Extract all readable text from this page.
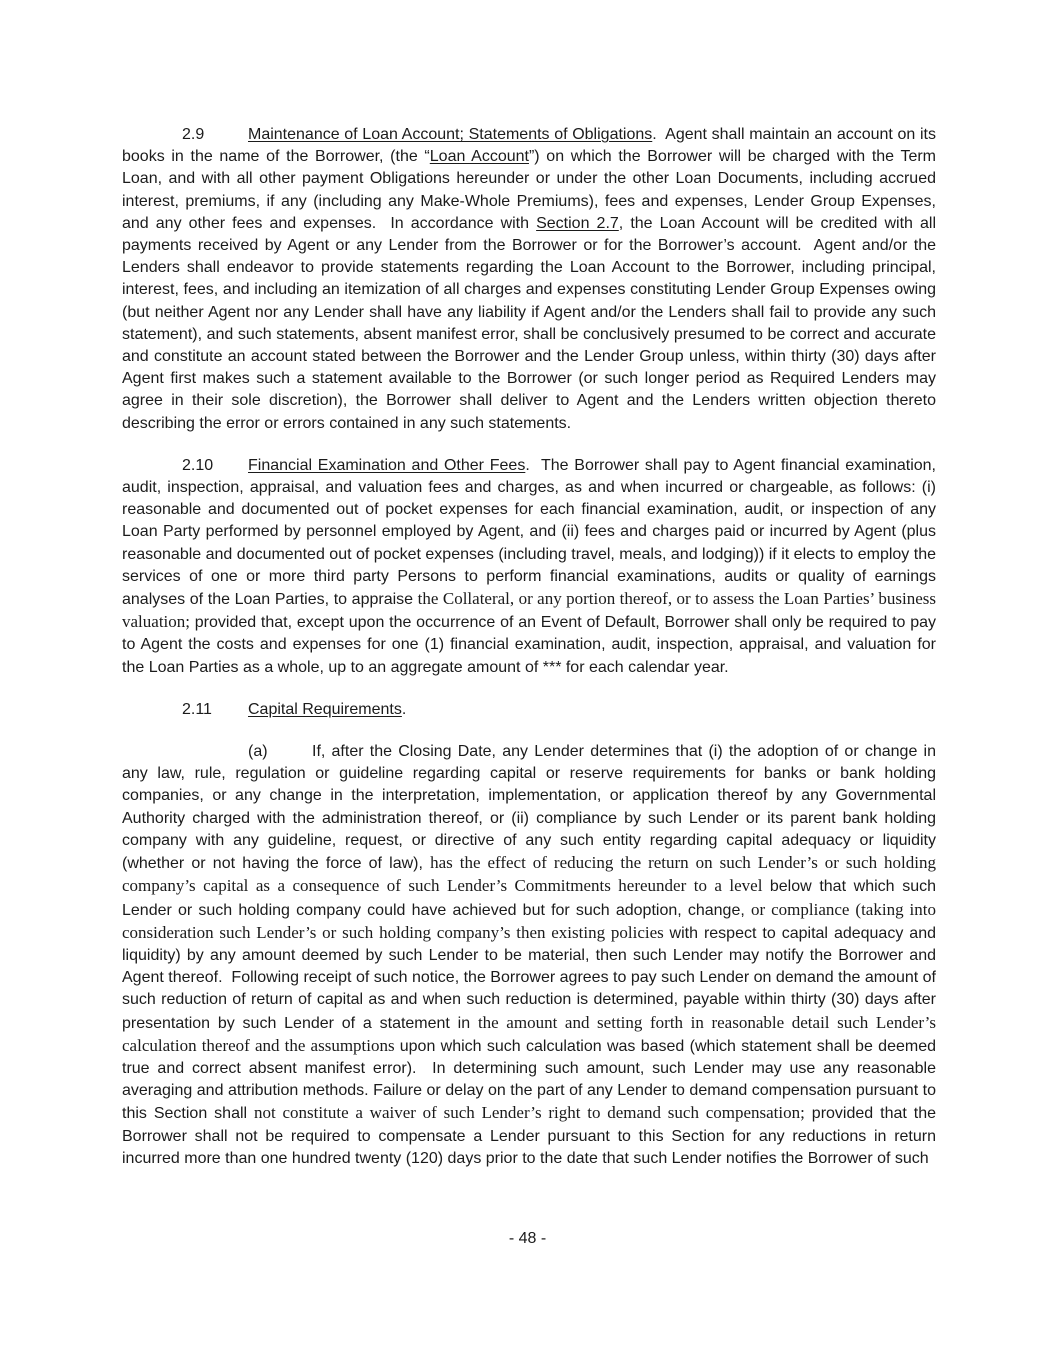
2.9	Maintenance of Loan Account; Statements of Obligations.  Agent shall maintain an account on its books in the name of the Borrower, (the “Loan Account”) on which the Borrower will be charged with the Term Loan, and with all other payment Obligations hereunder or under the other Loan Documents, including accrued interest, premiums, if any (including any Make-Whole Premiums), fees and expenses, Lender Group Expenses, and any other fees and expenses.  In accordance with Section 2.7, the Loan Account will be credited with all payments received by Agent or any Lender from the Borrower or for the Borrower’s account.  Agent and/or the Lenders shall endeavor to provide statements regarding the Loan Account to the Borrower, including principal, interest, fees, and including an itemization of all charges and expenses constituting Lender Group Expenses owing (but neither Agent nor any Lender shall have any liability if Agent and/or the Lenders shall fail to provide any such statement), and such statements, absent manifest error, shall be conclusively presumed to be correct and accurate and constitute an account stated between the Borrower and the Lender Group unless, within thirty (30) days after Agent first makes such a statement available to the Borrower (or such longer period as Required Lenders may agree in their sole discretion), the Borrower shall deliver to Agent and the Lenders written objection thereto describing the error or errors contained in any such statements.

2.10 Financial Examination and Other Fees.  The Borrower shall pay to Agent financial examination, audit, inspection, appraisal, and valuation fees and charges, as and when incurred or chargeable, as follows: (i) reasonable and documented out of pocket expenses for each financial examination, audit, or inspection of any Loan Party performed by personnel employed by Agent, and (ii) fees and charges paid or incurred by Agent (plus reasonable and documented out of pocket expenses (including travel, meals, and lodging)) if it elects to employ the services of one or more third party Persons to perform financial examinations, audits or quality of earnings analyses of the Loan Parties, to appraise the Collateral, or any portion thereof, or to assess the Loan Parties’ business valuation; provided that, except upon the occurrence of an Event of Default, Borrower shall only be required to pay to Agent the costs and expenses for one (1) financial examination, audit, inspection, appraisal, and valuation for the Loan Parties as a whole, up to an aggregate amount of *** for each calendar year.

2.11 Capital Requirements.

(a)	If, after the Closing Date, any Lender determines that (i) the adoption of or change in any law, rule, regulation or guideline regarding capital or reserve requirements for banks or bank holding companies, or any change in the interpretation, implementation, or application thereof by any Governmental Authority charged with the administration thereof, or (ii) compliance by such Lender or its parent bank holding company with any guideline, request, or directive of any such entity regarding capital adequacy or liquidity (whether or not having the force of law), has the effect of reducing the return on such Lender’s or such holding company’s capital as a consequence of such Lender’s Commitments hereunder to a level below that which such Lender or such holding company could have achieved but for such adoption, change, or compliance (taking into consideration such Lender’s or such holding company’s then existing policies with respect to capital adequacy and liquidity) by any amount deemed by such Lender to be material, then such Lender may notify the Borrower and Agent thereof.  Following receipt of such notice, the Borrower agrees to pay such Lender on demand the amount of such reduction of return of capital as and when such reduction is determined, payable within thirty (30) days after presentation by such Lender of a statement in the amount and setting forth in reasonable detail such Lender’s calculation thereof and the assumptions upon which such calculation was based (which statement shall be deemed true and correct absent manifest error).  In determining such amount, such Lender may use any reasonable averaging and attribution methods. Failure or delay on the part of any Lender to demand compensation pursuant to this Section shall not constitute a waiver of such Lender’s right to demand such compensation; provided that the Borrower shall not be required to compensate a Lender pursuant to this Section for any reductions in return incurred more than one hundred twenty (120) days prior to the date that such Lender notifies the Borrower of such

- 48 -
